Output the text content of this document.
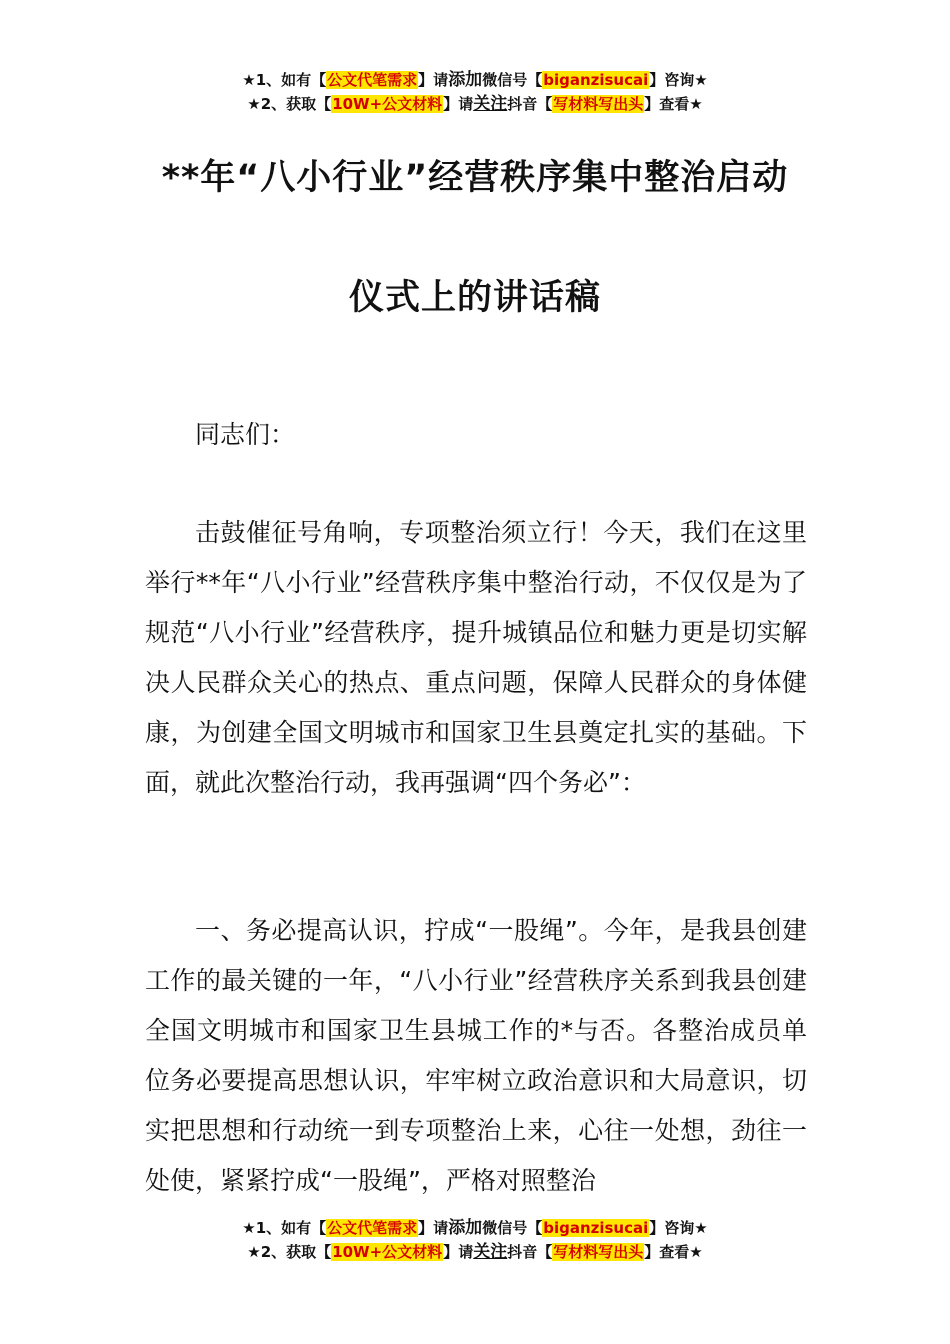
★1、如有【公文代笔需求】请添加微信号【biganzisucai】咨询★
★2、获取【10W+公文材料】请关注抖音【写材料写出头】查看★
**年“八小行业”经营秩序集中整治启动
仪式上的讲话稿
同志们：
击鼓催征号角响，专项整治须立行！今天，我们在这里举行**年“八小行业”经营秩序集中整治行动，不仅仅是为了规范“八小行业”经营秩序，提升城镇品位和魅力更是切实解决人民群众关心的热点、重点问题，保障人民群众的身体健康，为创建全国文明城市和国家卫生县奠定扎实的基础。下面，就此次整治行动，我再强调“四个务必”：
一、务必提高认识，拧成“一股绳”。今年，是我县创建工作的最关键的一年，“八小行业”经营秩序关系到我县创建全国文明城市和国家卫生县城工作的*与否。各整治成员单位务必要提高思想认识，牢牢树立政治意识和大局意识，切实把思想和行动统一到专项整治上来，心往一处想，劲往一处使，紧紧拧成“一股绳”，严格对照整治
★1、如有【公文代笔需求】请添加微信号【biganzisucai】咨询★
★2、获取【10W+公文材料】请关注抖音【写材料写出头】查看★
